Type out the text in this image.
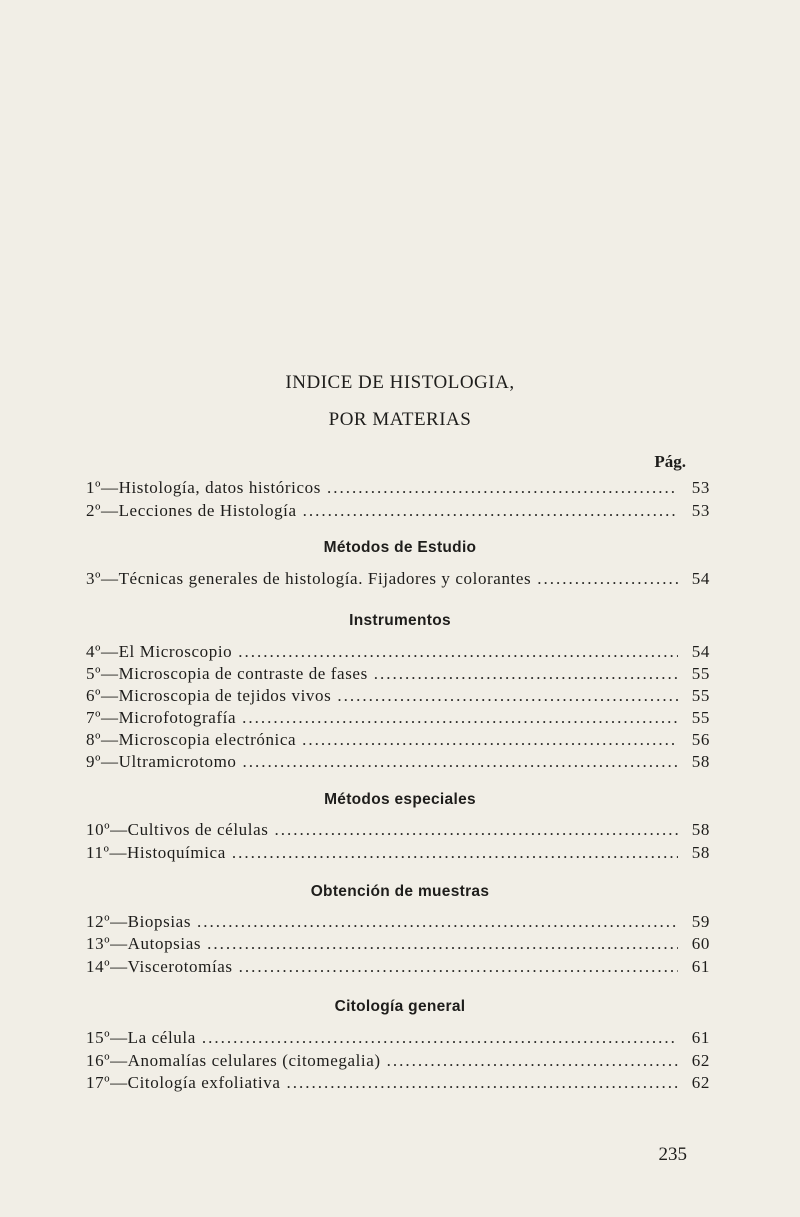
INDICE DE HISTOLOGIA,
POR MATERIAS
Pág.
1º—Histología, datos históricos .....	53
2º—Lecciones de Histología .....	53
Métodos de Estudio
3º—Técnicas generales de histología. Fijadores y colorantes .....	54
Instrumentos
4º—El Microscopio .....	54
5º—Microscopia de contraste de fases .....	55
6º—Microscopia de tejidos vivos .....	55
7º—Microfotografía .....	55
8º—Microscopia electrónica .....	56
9º—Ultramicrotomo .....	58
Métodos especiales
10º—Cultivos de células .....	58
11º—Histoquímica .....	58
Obtención de muestras
12º—Biopsias .....	59
13º—Autopsias .....	60
14º—Viscerotomías .....	61
Citología general
15º—La célula .....	61
16º—Anomalías celulares (citomegalia) .....	62
17º—Citología exfoliativa .....	62
235
